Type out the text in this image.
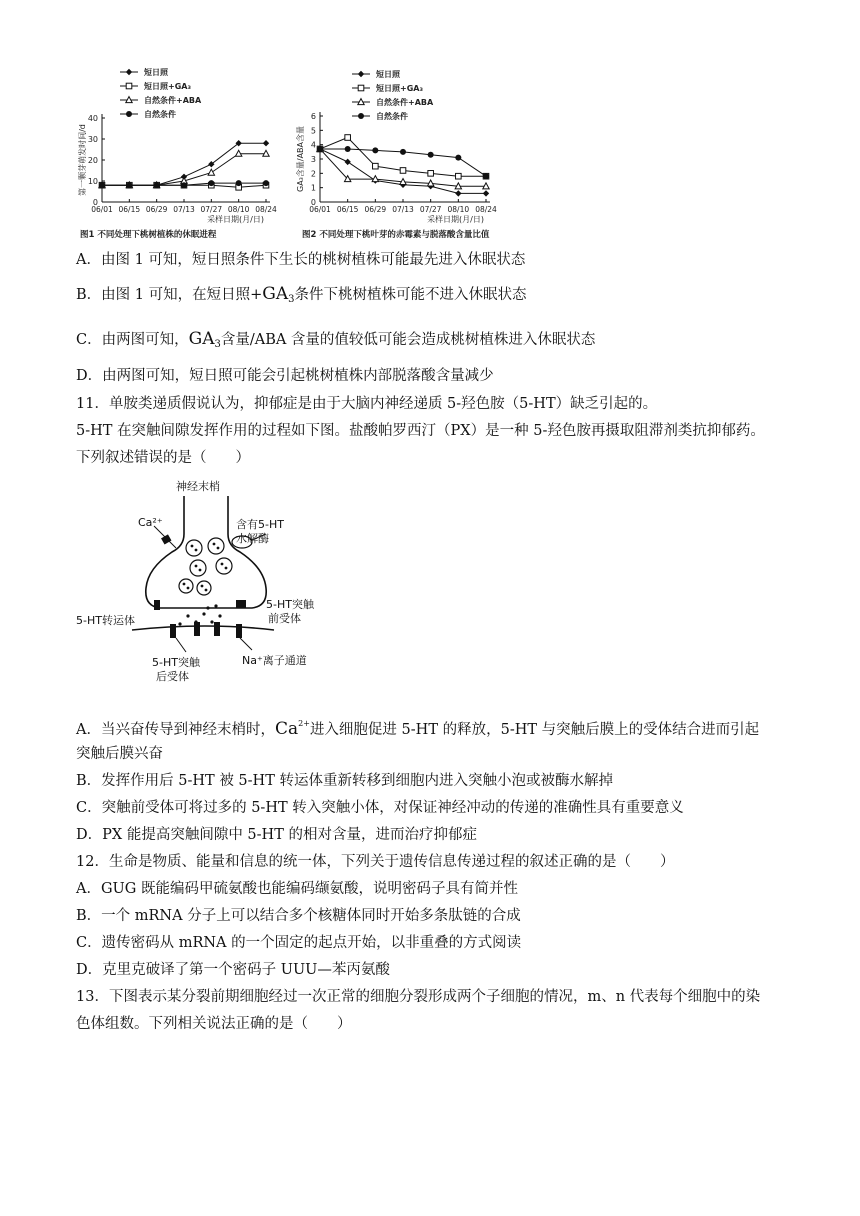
0
10
20
30
40
06/01 06/15 06/29 07/13 07/27 08/10 08/24
采样日期(月/日)
第一颗芽萌发时间/d
短日照
短日照+GA₃
自然条件+ABA
自然条件
图1 不同处理下桃树植株的休眠进程
0
1
2
3
4
5
6
06/01 06/15 06/29 07/13 07/27 08/10 08/24
采样日期(月/日)
GA₃含量/ABA含量
短日照
短日照+GA₃
自然条件+ABA
自然条件
图2 不同处理下桃叶芽的赤霉素与脱落酸含量比值
A．由图 1 可知，短日照条件下生长的桃树植株可能最先进入休眠状态
B．由图 1 可知，在短日照$+GA_3$条件下桃树植株可能不进入休眠状态
C．由两图可知，$GA_3$含量/ABA 含量的值较低可能会造成桃树植株进入休眠状态
D．由两图可知，短日照可能会引起桃树植株内部脱落酸含量减少
11．单胺类递质假说认为，抑郁症是由于大脑内神经递质 5-羟色胺（5-HT）缺乏引起的。
5-HT 在突触间隙发挥作用的过程如下图。盐酸帕罗西汀（PX）是一种 5-羟色胺再摄取阻滞剂类抗抑郁药。
下列叙述错误的是（　　）
神经末梢
含有5-HT
水解酶
Ca²⁺
5-HT转运体
5-HT突触
前受体
5-HT突触
后受体
Na⁺离子通道
A．当兴奋传导到神经末梢时，$Ca^{2+}$进入细胞促进 5-HT 的释放，5-HT 与突触后膜上的受体结合进而引起
突触后膜兴奋
B．发挥作用后 5-HT 被 5-HT 转运体重新转移到细胞内进入突触小泡或被酶水解掉
C．突触前受体可将过多的 5-HT 转入突触小体，对保证神经冲动的传递的准确性具有重要意义
D．PX 能提高突触间隙中 5-HT 的相对含量，进而治疗抑郁症
12．生命是物质、能量和信息的统一体，下列关于遗传信息传递过程的叙述正确的是（　　）
A．GUG 既能编码甲硫氨酸也能编码缬氨酸，说明密码子具有简并性
B．一个 mRNA 分子上可以结合多个核糖体同时开始多条肽链的合成
C．遗传密码从 mRNA 的一个固定的起点开始，以非重叠的方式阅读
D．克里克破译了第一个密码子 UUU—苯丙氨酸
13．下图表示某分裂前期细胞经过一次正常的细胞分裂形成两个子细胞的情况，m、n 代表每个细胞中的染
色体组数。下列相关说法正确的是（　　）
